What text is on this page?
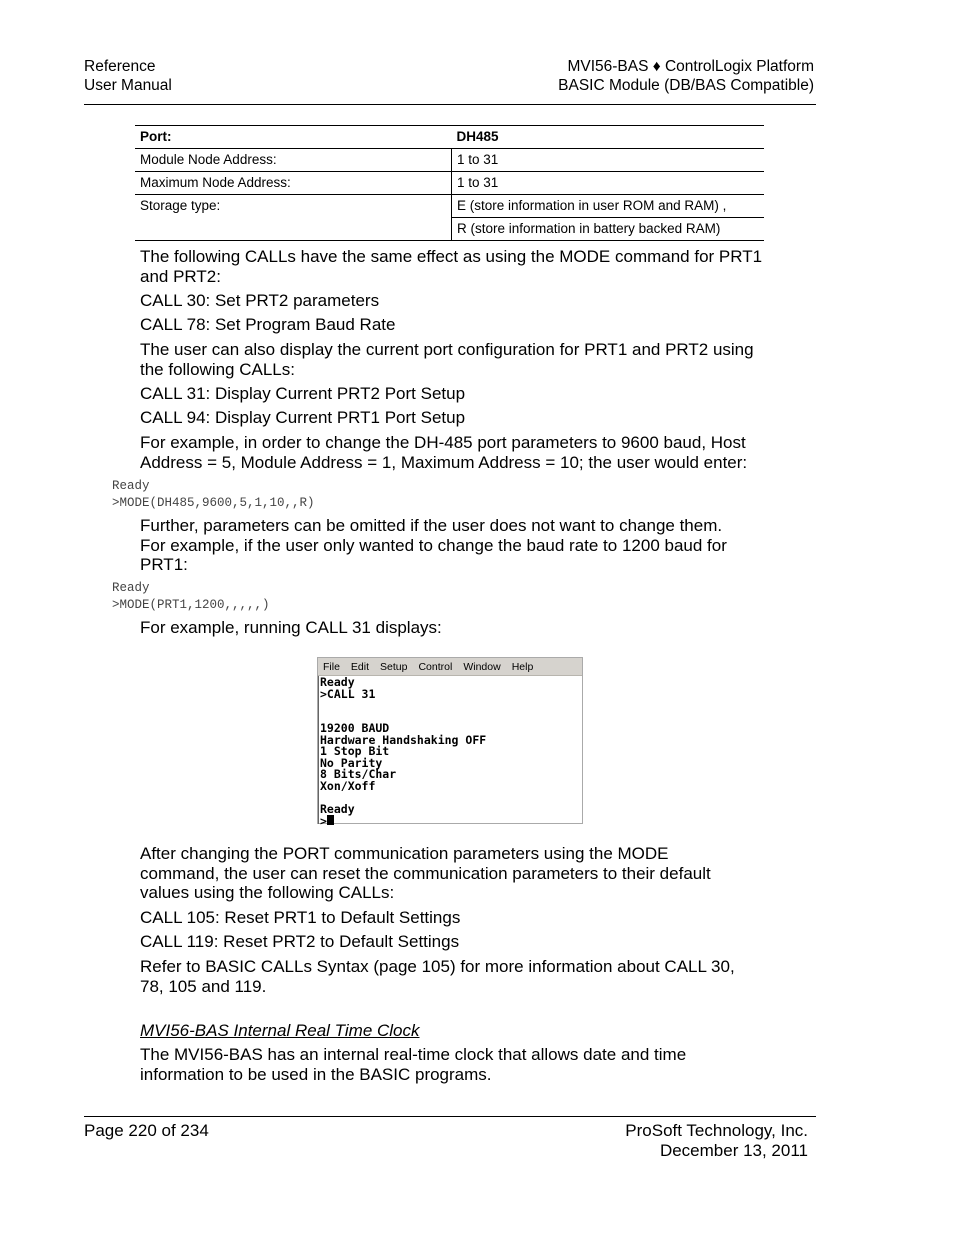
Reference
User Manual
MVI56-BAS ♦ ControlLogix Platform
BASIC Module (DB/BAS Compatible)
Port:	DH485
Module Node Address:	1 to 31
Maximum Node Address:	1 to 31
Storage type:	E (store information in user ROM and RAM) ,
	R (store information in battery backed RAM)
The following CALLs have the same effect as using the MODE command for PRT1 and PRT2:
CALL 30: Set PRT2 parameters
CALL 78: Set Program Baud Rate
The user can also display the current port configuration for PRT1 and PRT2 using the following CALLs:
CALL 31: Display Current PRT2 Port Setup
CALL 94: Display Current PRT1 Port Setup
For example, in order to change the DH-485 port parameters to 9600 baud, Host Address = 5, Module Address = 1, Maximum Address = 10; the user would enter:
Ready
>MODE(DH485,9600,5,1,10,,R)
Further, parameters can be omitted if the user does not want to change them. For example, if the user only wanted to change the baud rate to 1200 baud for PRT1:
Ready
>MODE(PRT1,1200,,,,,)
For example, running CALL 31 displays:
File Edit Setup Control Window Help
Ready
>CALL 31

19200 BAUD
Hardware Handshaking OFF
1 Stop Bit
No Parity
8 Bits/Char
Xon/Xoff

Ready
>
After changing the PORT communication parameters using the MODE command, the user can reset the communication parameters to their default values using the following CALLs:
CALL 105: Reset PRT1 to Default Settings
CALL 119: Reset PRT2 to Default Settings
Refer to BASIC CALLs Syntax (page 105) for more information about CALL 30, 78, 105 and 119.
MVI56-BAS Internal Real Time Clock
The MVI56-BAS has an internal real-time clock that allows date and time information to be used in the BASIC programs.
Page 220 of 234	ProSoft Technology, Inc.
December 13, 2011
